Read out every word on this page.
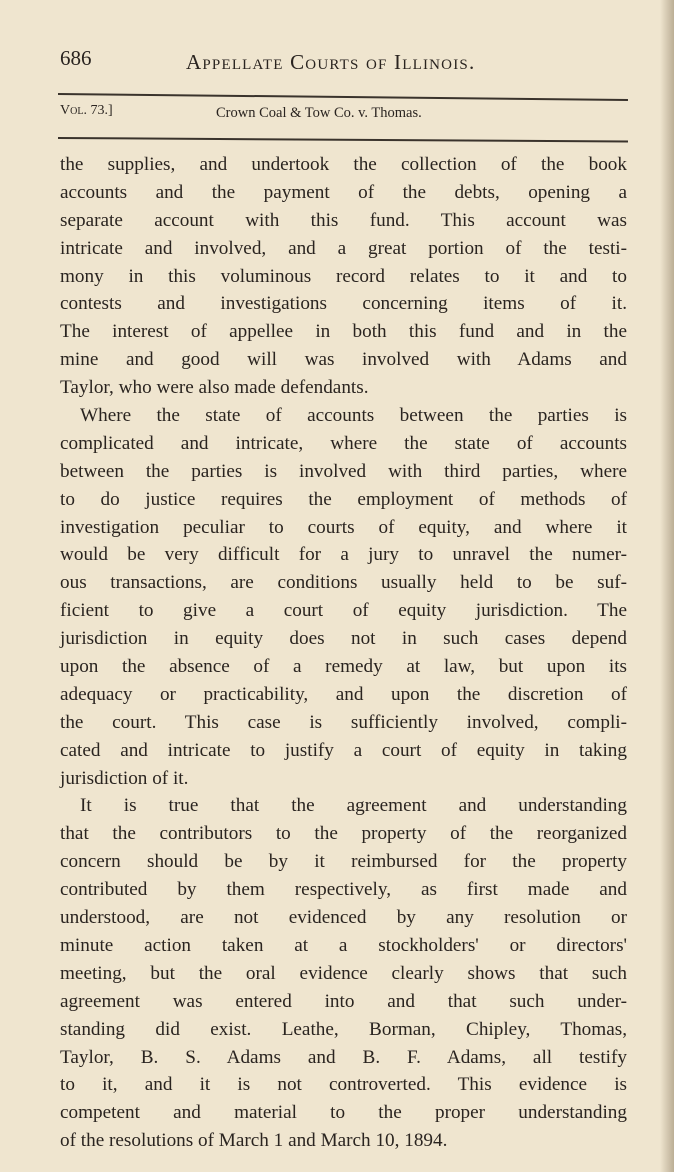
686	Appellate Courts of Illinois.
Vol. 73.]	Crown Coal & Tow Co. v. Thomas.
the supplies, and undertook the collection of the book
accounts and the payment of the debts, opening a
separate account with this fund. This account was
intricate and involved, and a great portion of the testi-
mony in this voluminous record relates to it and to
contests and investigations concerning items of it.
The interest of appellee in both this fund and in the
mine and good will was involved with Adams and
Taylor, who were also made defendants.
Where the state of accounts between the parties is
complicated and intricate, where the state of accounts
between the parties is involved with third parties, where
to do justice requires the employment of methods of
investigation peculiar to courts of equity, and where it
would be very difficult for a jury to unravel the numer-
ous transactions, are conditions usually held to be suf-
ficient to give a court of equity jurisdiction. The
jurisdiction in equity does not in such cases depend
upon the absence of a remedy at law, but upon its
adequacy or practicability, and upon the discretion of
the court. This case is sufficiently involved, compli-
cated and intricate to justify a court of equity in taking
jurisdiction of it.
It is true that the agreement and understanding
that the contributors to the property of the reorganized
concern should be by it reimbursed for the property
contributed by them respectively, as first made and
understood, are not evidenced by any resolution or
minute action taken at a stockholders' or directors'
meeting, but the oral evidence clearly shows that such
agreement was entered into and that such under-
standing did exist. Leathe, Borman, Chipley, Thomas,
Taylor, B. S. Adams and B. F. Adams, all testify
to it, and it is not controverted. This evidence is
competent and material to the proper understanding
of the resolutions of March 1 and March 10, 1894.
